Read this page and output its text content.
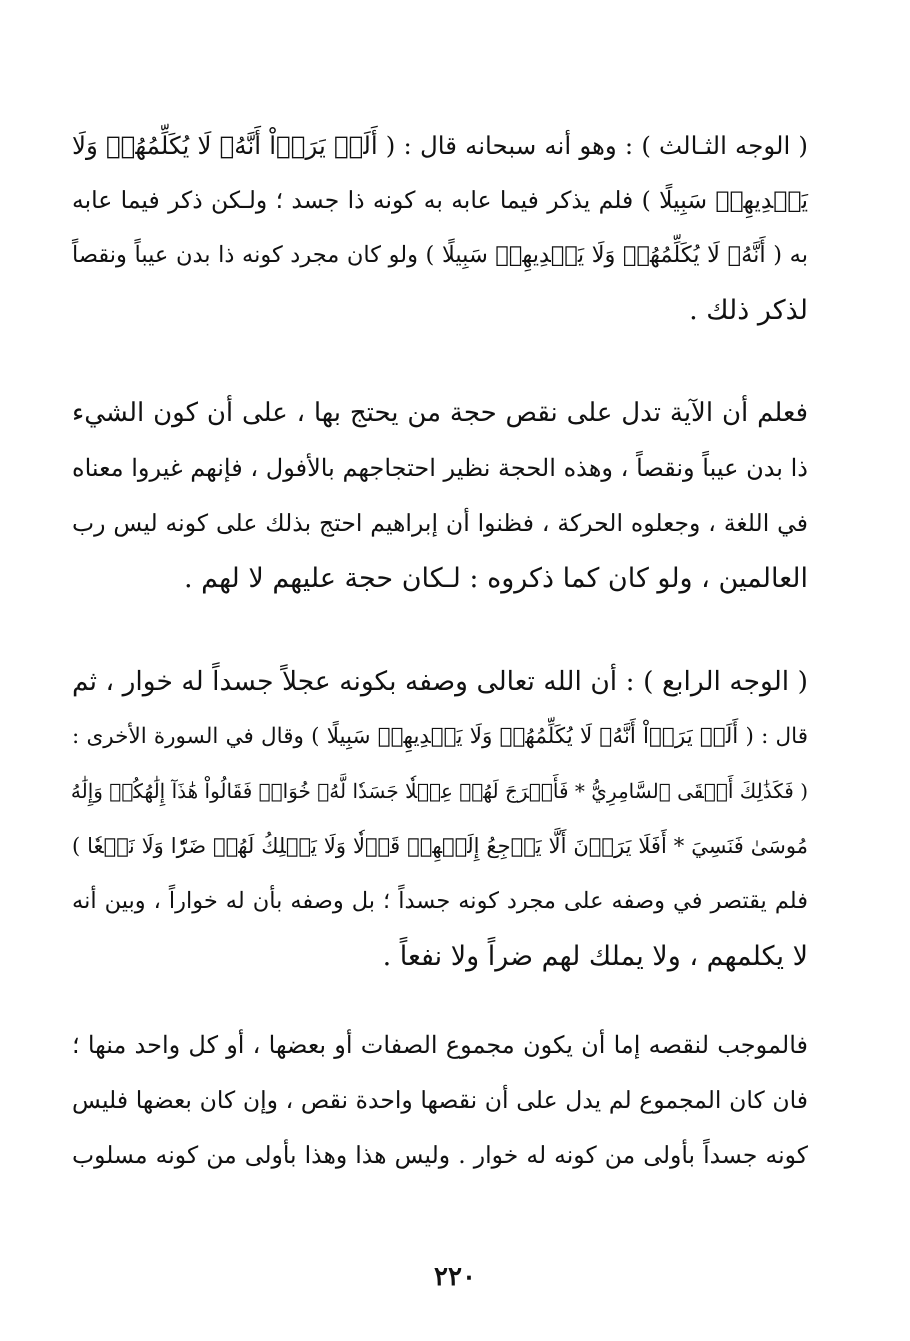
( الوجه الثـالث ) : وهو أنه سبحانه قال : ( أَلَمۡ يَرَوۡاْ أَنَّهُۥ لَا يُكَلِّمُهُمۡ وَلَا
يَهۡدِيهِمۡ سَبِيلًا ) فلم يذكر فيما عابه به كونه ذا جسد ؛ ولـكن ذكر فيما عابه
به ( أَنَّهُۥ لَا يُكَلِّمُهُمۡ وَلَا يَهۡدِيهِمۡ سَبِيلًا ) ولو كان مجرد كونه ذا بدن عيباً ونقصاً
لذكر ذلك .
فعلم أن الآية تدل على نقص حجة من يحتج بها ، على أن كون الشيء
ذا بدن عيباً ونقصاً ، وهذه الحجة نظير احتجاجهم بالأفول ، فإنهم غيروا معناه
في اللغة ، وجعلوه الحركة ، فظنوا أن إبراهيم احتج بذلك على كونه ليس رب
العالمين ، ولو كان كما ذكروه : لـكان حجة عليهم لا لهم .
( الوجه الرابع ) : أن الله تعالى وصفه بكونه عجلاً جسداً له خوار ، ثم
قال : ( أَلَمۡ يَرَوۡاْ أَنَّهُۥ لَا يُكَلِّمُهُمۡ وَلَا يَهۡدِيهِمۡ سَبِيلًا ) وقال في السورة الأخرى :
( فَكَذَٰلِكَ أَلۡقَى ٱلسَّامِرِيُّ * فَأَخۡرَجَ لَهُمۡ عِجۡلٗا جَسَدٗا لَّهُۥ خُوَارٞ فَقَالُواْ هَٰذَآ إِلَٰهُكُمۡ وَإِلَٰهُ
مُوسَىٰ فَنَسِيَ * أَفَلَا يَرَوۡنَ أَلَّا يَرۡجِعُ إِلَيۡهِمۡ قَوۡلٗا وَلَا يَمۡلِكُ لَهُمۡ ضَرّٗا وَلَا نَفۡعٗا )
فلم يقتصر في وصفه على مجرد كونه جسداً ؛ بل وصفه بأن له خواراً ، وبين أنه
لا يكلمهم ، ولا يملك لهم ضراً ولا نفعاً .
فالموجب لنقصه إما أن يكون مجموع الصفات أو بعضها ، أو كل واحد منها ؛
فان كان المجموع لم يدل على أن نقصها واحدة نقص ، وإن كان بعضها فليس
كونه جسداً بأولى من كونه له خوار . وليس هذا وهذا بأولى من كونه مسلوب
٢٢٠
